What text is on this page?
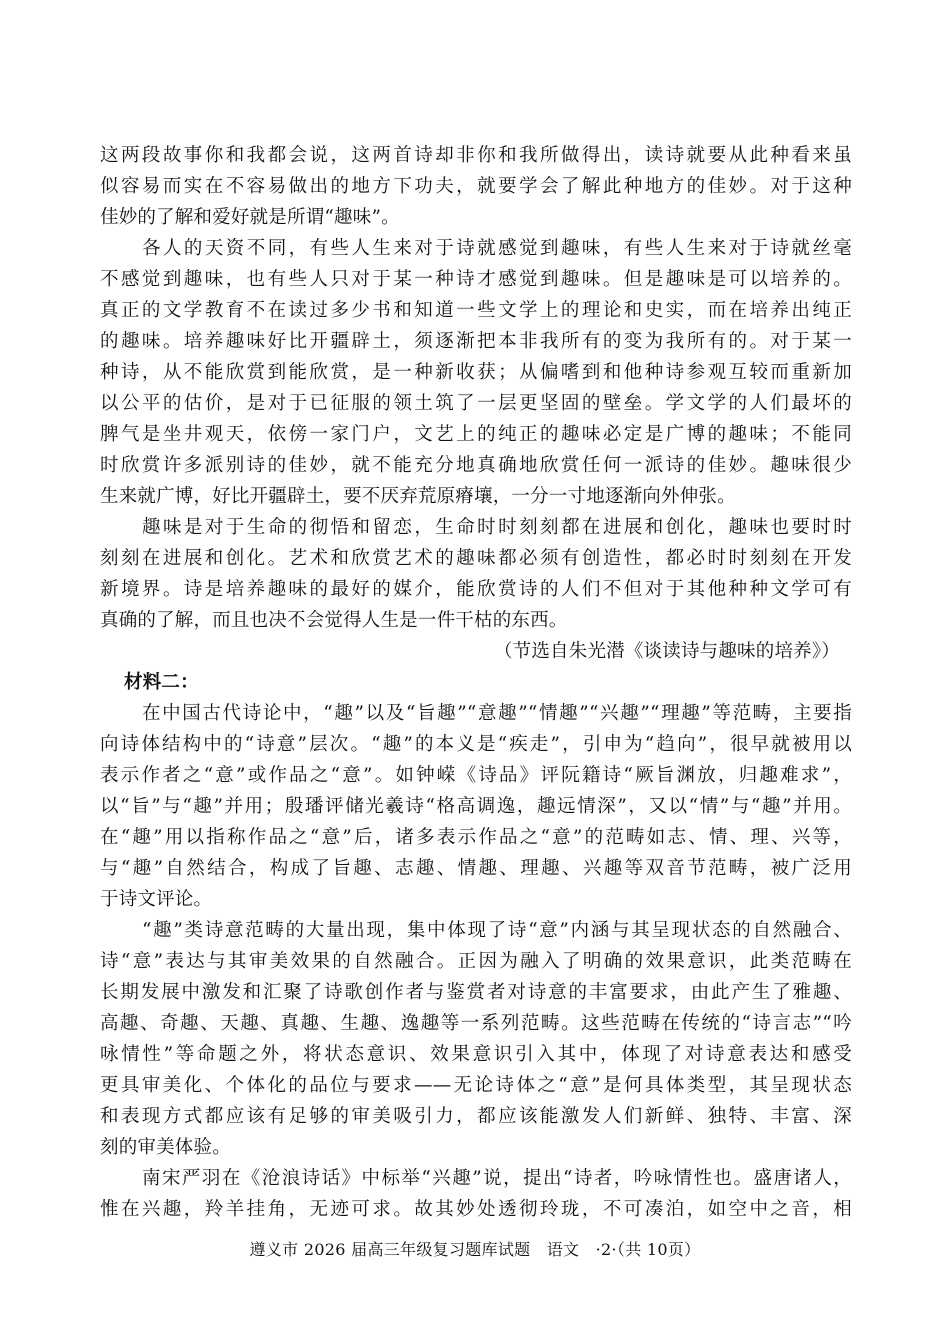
这两段故事你和我都会说，这两首诗却非你和我所做得出，读诗就要从此种看来虽
似容易而实在不容易做出的地方下功夫，就要学会了解此种地方的佳妙。对于这种
佳妙的了解和爱好就是所谓“趣味”。
各人的天资不同，有些人生来对于诗就感觉到趣味，有些人生来对于诗就丝毫
不感觉到趣味，也有些人只对于某一种诗才感觉到趣味。但是趣味是可以培养的。
真正的文学教育不在读过多少书和知道一些文学上的理论和史实，而在培养出纯正
的趣味。培养趣味好比开疆辟土，须逐渐把本非我所有的变为我所有的。对于某一
种诗，从不能欣赏到能欣赏，是一种新收获；从偏嗜到和他种诗参观互较而重新加
以公平的估价，是对于已征服的领土筑了一层更坚固的壁垒。学文学的人们最坏的
脾气是坐井观天，依傍一家门户，文艺上的纯正的趣味必定是广博的趣味；不能同
时欣赏许多派别诗的佳妙，就不能充分地真确地欣赏任何一派诗的佳妙。趣味很少
生来就广博，好比开疆辟土，要不厌弃荒原瘠壤，一分一寸地逐渐向外伸张。
趣味是对于生命的彻悟和留恋，生命时时刻刻都在进展和创化，趣味也要时时
刻刻在进展和创化。艺术和欣赏艺术的趣味都必须有创造性，都必时时刻刻在开发
新境界。诗是培养趣味的最好的媒介，能欣赏诗的人们不但对于其他种种文学可有
真确的了解，而且也决不会觉得人生是一件干枯的东西。
（节选自朱光潜《谈读诗与趣味的培养》）
材料二：
在中国古代诗论中，“趣”以及“旨趣”“意趣”“情趣”“兴趣”“理趣”等范畴，主要指
向诗体结构中的“诗意”层次。“趣”的本义是“疾走”，引申为“趋向”，很早就被用以
表示作者之“意”或作品之“意”。如钟嵘《诗品》评阮籍诗“厥旨渊放，归趣难求”，
以“旨”与“趣”并用；殷璠评储光羲诗“格高调逸，趣远情深”，又以“情”与“趣”并用。
在“趣”用以指称作品之“意”后，诸多表示作品之“意”的范畴如志、情、理、兴等，
与“趣”自然结合，构成了旨趣、志趣、情趣、理趣、兴趣等双音节范畴，被广泛用
于诗文评论。
“趣”类诗意范畴的大量出现，集中体现了诗“意”内涵与其呈现状态的自然融合、
诗“意”表达与其审美效果的自然融合。正因为融入了明确的效果意识，此类范畴在
长期发展中激发和汇聚了诗歌创作者与鉴赏者对诗意的丰富要求，由此产生了雅趣、
高趣、奇趣、天趣、真趣、生趣、逸趣等一系列范畴。这些范畴在传统的“诗言志”“吟
咏情性”等命题之外，将状态意识、效果意识引入其中，体现了对诗意表达和感受
更具审美化、个体化的品位与要求——无论诗体之“意”是何具体类型，其呈现状态
和表现方式都应该有足够的审美吸引力，都应该能激发人们新鲜、独特、丰富、深
刻的审美体验。
南宋严羽在《沧浪诗话》中标举“兴趣”说，提出“诗者，吟咏情性也。盛唐诸人，
惟在兴趣，羚羊挂角，无迹可求。故其妙处透彻玲珑，不可凑泊，如空中之音，相
遵义市 2026 届高三年级复习题库试题　语文　·2·（共 10页）
